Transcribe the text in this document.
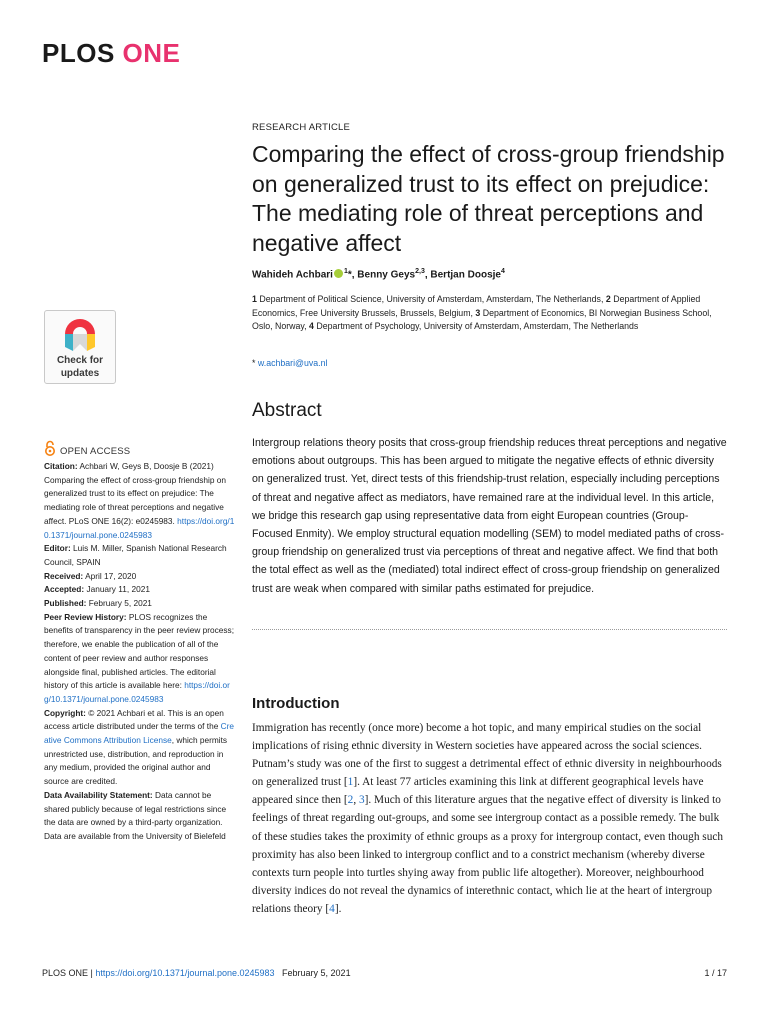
PLOS ONE
Check for
updates
OPEN ACCESS

Citation: Achbari W, Geys B, Doosje B (2021) Comparing the effect of cross-group friendship on generalized trust to its effect on prejudice: The mediating role of threat perceptions and negative affect. PLoS ONE 16(2): e0245983. https://doi.org/10.1371/journal.pone.0245983

Editor: Luis M. Miller, Spanish National Research Council, SPAIN

Received: April 17, 2020

Accepted: January 11, 2021

Published: February 5, 2021

Peer Review History: PLOS recognizes the benefits of transparency in the peer review process; therefore, we enable the publication of all of the content of peer review and author responses alongside final, published articles. The editorial history of this article is available here: https://doi.org/10.1371/journal.pone.0245983

Copyright: © 2021 Achbari et al. This is an open access article distributed under the terms of the Creative Commons Attribution License, which permits unrestricted use, distribution, and reproduction in any medium, provided the original author and source are credited.

Data Availability Statement: Data cannot be shared publicly because of legal restrictions since the data are owned by a third-party organization. Data are available from the University of Bielefeld

RESEARCH ARTICLE
Comparing the effect of cross-group friendship on generalized trust to its effect on prejudice: The mediating role of threat perceptions and negative affect
Wahideh Achbari $^1$*, Benny Geys$^{2,3}$, Bertjan Doosje$^4$
1 Department of Political Science, University of Amsterdam, Amsterdam, The Netherlands, 2 Department of Applied Economics, Free University Brussels, Brussels, Belgium, 3 Department of Economics, BI Norwegian Business School, Oslo, Norway, 4 Department of Psychology, University of Amsterdam, Amsterdam, The Netherlands
* w.achbari@uva.nl
Abstract

Intergroup relations theory posits that cross-group friendship reduces threat perceptions and negative emotions about outgroups. This has been argued to mitigate the negative effects of ethnic diversity on generalized trust. Yet, direct tests of this friendship-trust relation, especially including perceptions of threat and negative affect as mediators, have remained rare at the individual level. In this article, we bridge this research gap using representative data from eight European countries (Group-Focused Enmity). We employ structural equation modelling (SEM) to model mediated paths of cross-group friendship on generalized trust via perceptions of threat and negative affect. We find that both the total effect as well as the (mediated) total indirect effect of cross-group friendship on generalized trust are weak when compared with similar paths estimated for prejudice.

Introduction

Immigration has recently (once more) become a hot topic, and many empirical studies on the social implications of rising ethnic diversity in Western societies have appeared across the social sciences. Putnam’s study was one of the first to suggest a detrimental effect of ethnic diversity in neighbourhoods on generalized trust [1]. At least 77 articles examining this link at different geographical levels have appeared since then [2, 3]. Much of this literature argues that the negative effect of diversity is linked to feelings of threat regarding out-groups, and some see intergroup contact as a possible remedy. The bulk of these studies takes the proximity of ethnic groups as a proxy for intergroup contact, even though such proximity has also been linked to intergroup conflict and to a constrict mechanism (whereby diverse contexts turn people into turtles shying away from public life altogether). Moreover, neighbourhood diversity indices do not reveal the dynamics of interethnic contact, which lie at the heart of intergroup relations theory [4].

PLOS ONE | https://doi.org/10.1371/journal.pone.0245983 February 5, 2021	1 / 17
